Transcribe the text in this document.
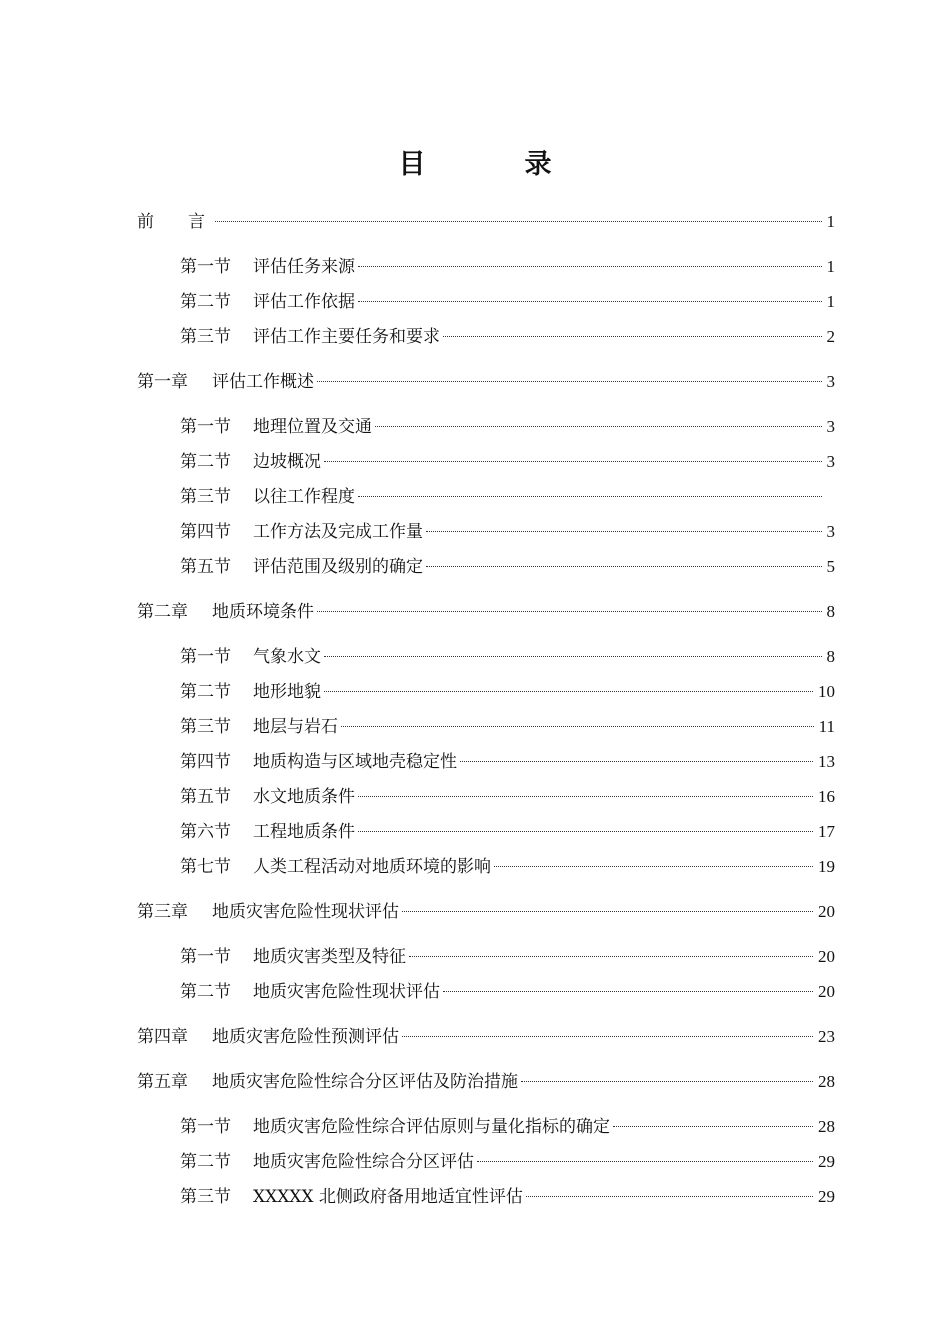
目　录
前　　言	1
第一节 评估任务来源	1
第二节 评估工作依据	1
第三节 评估工作主要任务和要求	2
第一章 评估工作概述	3
第一节 地理位置及交通	3
第二节 边坡概况	3
第三节 以往工作程度
第四节 工作方法及完成工作量	3
第五节 评估范围及级别的确定	5
第二章 地质环境条件	8
第一节 气象水文	8
第二节 地形地貌	10
第三节 地层与岩石	11
第四节 地质构造与区域地壳稳定性	13
第五节 水文地质条件	16
第六节 工程地质条件	17
第七节 人类工程活动对地质环境的影响	19
第三章 地质灾害危险性现状评估	20
第一节 地质灾害类型及特征	20
第二节 地质灾害危险性现状评估	20
第四章 地质灾害危险性预测评估	23
第五章 地质灾害危险性综合分区评估及防治措施	28
第一节 地质灾害危险性综合评估原则与量化指标的确定	28
第二节 地质灾害危险性综合分区评估	29
第三节 XXXXX 北侧政府备用地适宜性评估	29
